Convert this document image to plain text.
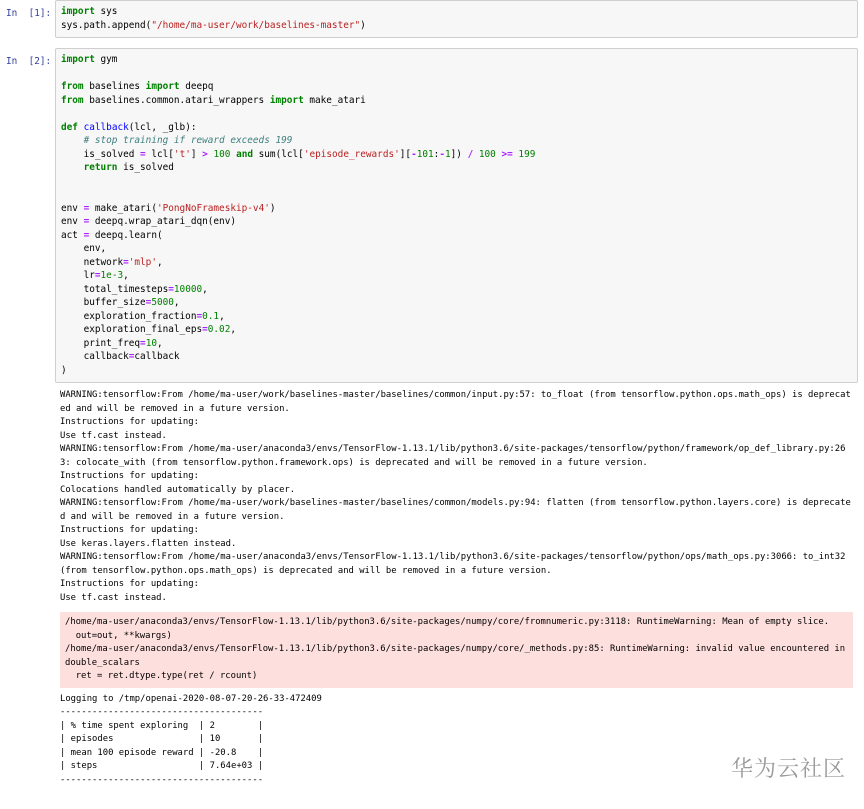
In  [1]:	import sys
sys.path.append("/home/ma-user/work/baselines-master")
In  [2]:	import gym

from baselines import deepq
from baselines.common.atari_wrappers import make_atari

def callback(lcl, _glb):
# stop training if reward exceeds 199
is_solved = lcl['t'] > 100 and sum(lcl['episode_rewards'][-101:-1]) / 100 >= 199
return is_solved

env = make_atari('PongNoFrameskip-v4')
env = deepq.wrap_atari_dqn(env)
act = deepq.learn(
env,
network='mlp',
lr=1e-3,
total_timesteps=10000,
buffer_size=5000,
exploration_fraction=0.1,
exploration_final_eps=0.02,
print_freq=10,
callback=callback
)
WARNING:tensorflow:From /home/ma-user/work/baselines-master/baselines/common/input.py:57: to_float (from tensorflow.python.ops.math_ops) is deprecated and will be removed in a future version.
Instructions for updating:
Use tf.cast instead.
WARNING:tensorflow:From /home/ma-user/anaconda3/envs/TensorFlow-1.13.1/lib/python3.6/site-packages/tensorflow/python/framework/op_def_library.py:263: colocate_with (from tensorflow.python.framework.ops) is deprecated and will be removed in a future version.
Instructions for updating:
Colocations handled automatically by placer.
WARNING:tensorflow:From /home/ma-user/work/baselines-master/baselines/common/models.py:94: flatten (from tensorflow.python.layers.core) is deprecated and will be removed in a future version.
Instructions for updating:
Use keras.layers.flatten instead.
WARNING:tensorflow:From /home/ma-user/anaconda3/envs/TensorFlow-1.13.1/lib/python3.6/site-packages/tensorflow/python/ops/math_ops.py:3066: to_int32 (from tensorflow.python.ops.math_ops) is deprecated and will be removed in a future version.
Instructions for updating:
Use tf.cast instead.
/home/ma-user/anaconda3/envs/TensorFlow-1.13.1/lib/python3.6/site-packages/numpy/core/fromnumeric.py:3118: RuntimeWarning: Mean of empty slice.
out=out, **kwargs)
/home/ma-user/anaconda3/envs/TensorFlow-1.13.1/lib/python3.6/site-packages/numpy/core/_methods.py:85: RuntimeWarning: invalid value encountered in double_scalars
ret = ret.dtype.type(ret / rcount)
Logging to /tmp/openai-2020-08-07-20-26-33-472409
--------------------------------------
| % time spent exploring  | 2        |
| episodes                | 10       |
| mean 100 episode reward | -20.8    |
| steps                   | 7.64e+03 |
--------------------------------------	华为云社区
